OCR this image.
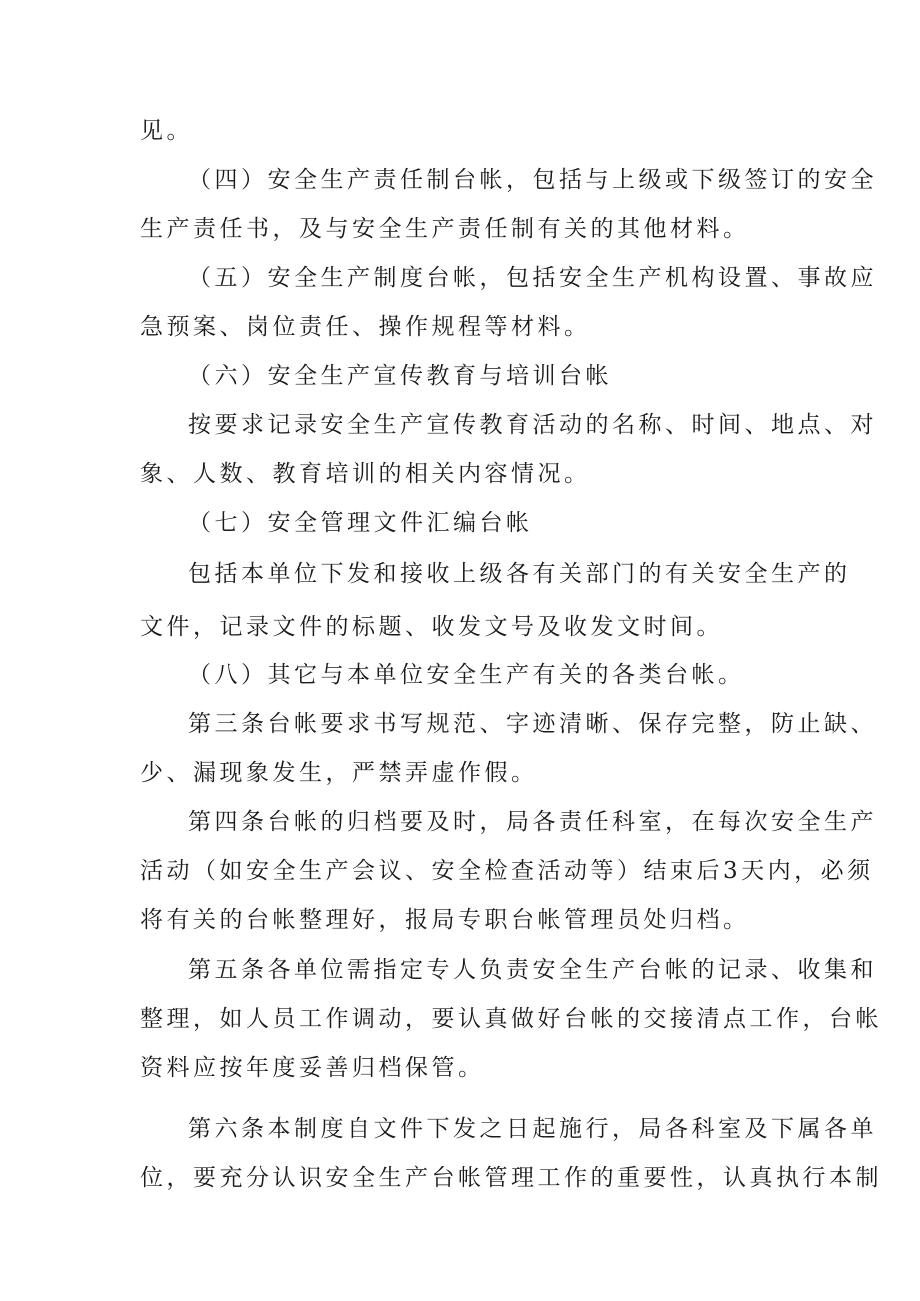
见。
（四）安全生产责任制台帐，包括与上级或下级签订的安全
生产责任书，及与安全生产责任制有关的其他材料。
（五）安全生产制度台帐，包括安全生产机构设置、事故应
急预案、岗位责任、操作规程等材料。
（六）安全生产宣传教育与培训台帐
按要求记录安全生产宣传教育活动的名称、时间、地点、对
象、人数、教育培训的相关内容情况。
（七）安全管理文件汇编台帐
包括本单位下发和接收上级各有关部门的有关安全生产的
文件，记录文件的标题、收发文号及收发文时间。
（八）其它与本单位安全生产有关的各类台帐。
第三条台帐要求书写规范、字迹清晰、保存完整，防止缺、
少、漏现象发生，严禁弄虚作假。
第四条台帐的归档要及时，局各责任科室，在每次安全生产
活动（如安全生产会议、安全检查活动等）结束后3天内，必须
将有关的台帐整理好，报局专职台帐管理员处归档。
第五条各单位需指定专人负责安全生产台帐的记录、收集和
整理，如人员工作调动，要认真做好台帐的交接清点工作，台帐
资料应按年度妥善归档保管。
第六条本制度自文件下发之日起施行，局各科室及下属各单
位，要充分认识安全生产台帐管理工作的重要性，认真执行本制
